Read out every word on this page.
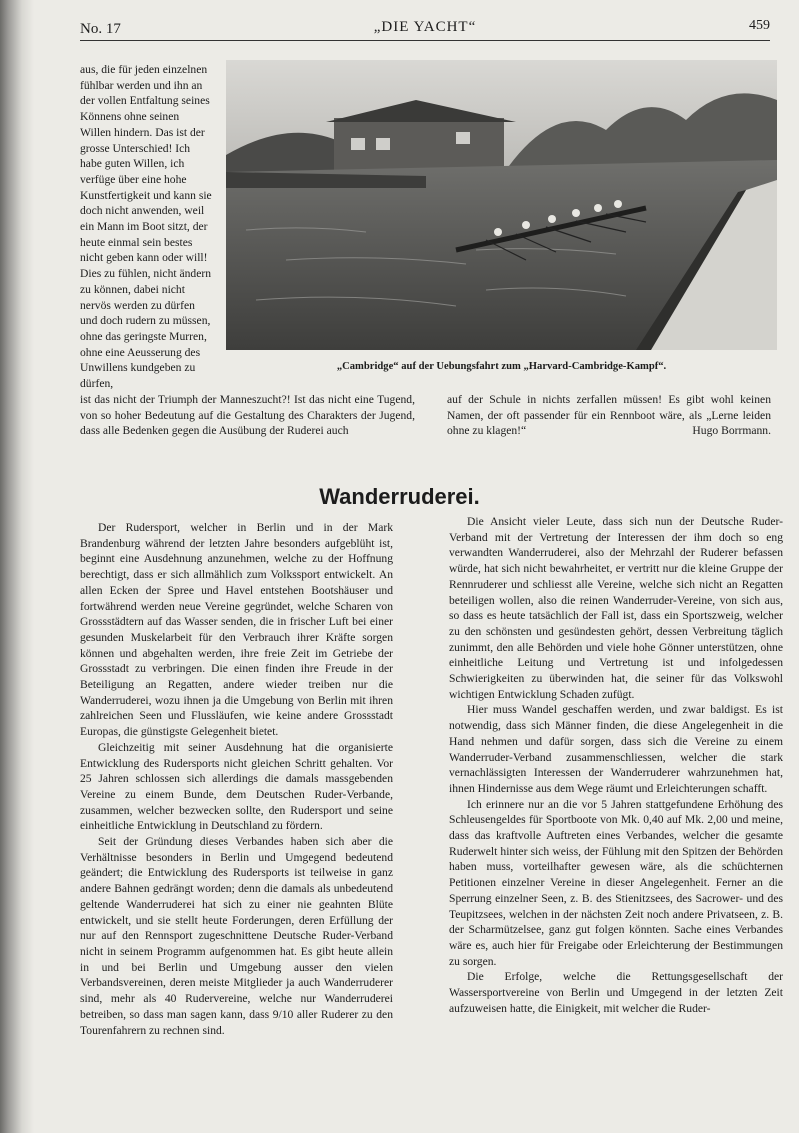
No. 17	„DIE YACHT“	459

aus, die für jeden einzelnen fühlbar werden und ihn an der vollen Entfaltung seines Könnens ohne seinen Willen hindern. Das ist der grosse Unterschied! Ich habe guten Willen, ich verfüge über eine hohe Kunstfertigkeit und kann sie doch nicht anwenden, weil ein Mann im Boot sitzt, der heute einmal sein bestes nicht geben kann oder will! Dies zu fühlen, nicht ändern zu können, dabei nicht nervös werden zu dürfen und doch rudern zu müssen, ohne das geringste Murren, ohne eine Aeusserung des Unwillens kundgeben zu dürfen,

„Cambridge“ auf der Uebungsfahrt zum „Harvard-Cambridge-Kampf“.

ist das nicht der Triumph der Manneszucht?! Ist das nicht eine Tugend, von so hoher Bedeutung auf die Gestaltung des Charakters der Jugend, dass alle Bedenken gegen die Ausübung der Ruderei auch

auf der Schule in nichts zerfallen müssen! Es gibt wohl keinen Namen, der oft passender für ein Rennboot wäre, als „Lerne leiden ohne zu klagen!“	Hugo Borrmann.

Wanderruderei.

Der Rudersport, welcher in Berlin und in der Mark Brandenburg während der letzten Jahre besonders aufgeblüht ist, beginnt eine Ausdehnung anzunehmen, welche zu der Hoffnung berechtigt, dass er sich allmählich zum Volkssport entwickelt. An allen Ecken der Spree und Havel entstehen Bootshäuser und fortwährend werden neue Vereine gegründet, welche Scharen von Grossstädtern auf das Wasser senden, die in frischer Luft bei einer gesunden Muskelarbeit für den Verbrauch ihrer Kräfte sorgen können und abgehalten werden, ihre freie Zeit im Getriebe der Grossstadt zu verbringen. Die einen finden ihre Freude in der Beteiligung an Regatten, andere wieder treiben nur die Wanderruderei, wozu ihnen ja die Umgebung von Berlin mit ihren zahlreichen Seen und Flussläufen, wie keine andere Grossstadt Europas, die günstigste Gelegenheit bietet.

Gleichzeitig mit seiner Ausdehnung hat die organisierte Entwicklung des Rudersports nicht gleichen Schritt gehalten. Vor 25 Jahren schlossen sich allerdings die damals massgebenden Vereine zu einem Bunde, dem Deutschen Ruder-Verbande, zusammen, welcher bezwecken sollte, den Rudersport und seine einheitliche Entwicklung in Deutschland zu fördern.

Seit der Gründung dieses Verbandes haben sich aber die Verhältnisse besonders in Berlin und Umgegend bedeutend geändert; die Entwicklung des Rudersports ist teilweise in ganz andere Bahnen gedrängt worden; denn die damals als unbedeutend geltende Wanderruderei hat sich zu einer nie geahnten Blüte entwickelt, und sie stellt heute Forderungen, deren Erfüllung der nur auf den Rennsport zugeschnittene Deutsche Ruder-Verband nicht in seinem Programm aufgenommen hat. Es gibt heute allein in und bei Berlin und Umgebung ausser den vielen Verbandsvereinen, deren meiste Mitglieder ja auch Wanderruderer sind, mehr als 40 Rudervereine, welche nur Wanderruderei betreiben, so dass man sagen kann, dass 9/10 aller Ruderer zu den Tourenfahrern zu rechnen sind.

Die Ansicht vieler Leute, dass sich nun der Deutsche Ruder-Verband mit der Vertretung der Interessen der ihm doch so eng verwandten Wanderruderei, also der Mehrzahl der Ruderer befassen würde, hat sich nicht bewahrheitet, er vertritt nur die kleine Gruppe der Rennruderer und schliesst alle Vereine, welche sich nicht an Regatten beteiligen wollen, also die reinen Wanderruder-Vereine, von sich aus, so dass es heute tatsächlich der Fall ist, dass ein Sportszweig, welcher zu den schönsten und gesündesten gehört, dessen Verbreitung täglich zunimmt, den alle Behörden und viele hohe Gönner unterstützen, ohne einheitliche Leitung und Vertretung ist und infolgedessen Schwierigkeiten zu überwinden hat, die seiner für das Volkswohl wichtigen Entwicklung Schaden zufügt.

Hier muss Wandel geschaffen werden, und zwar baldigst. Es ist notwendig, dass sich Männer finden, die diese Angelegenheit in die Hand nehmen und dafür sorgen, dass sich die Vereine zu einem Wanderruder-Verband zusammenschliessen, welcher die stark vernachlässigten Interessen der Wanderruderer wahrzunehmen hat, ihnen Hindernisse aus dem Wege räumt und Erleichterungen schafft.

Ich erinnere nur an die vor 5 Jahren stattgefundene Erhöhung des Schleusengeldes für Sportboote von Mk. 0,40 auf Mk. 2,00 und meine, dass das kraftvolle Auftreten eines Verbandes, welcher die gesamte Ruderwelt hinter sich weiss, der Fühlung mit den Spitzen der Behörden haben muss, vorteilhafter gewesen wäre, als die schüchternen Petitionen einzelner Vereine in dieser Angelegenheit. Ferner an die Sperrung einzelner Seen, z. B. des Stienitzsees, des Sacrower- und des Teupitzsees, welchen in der nächsten Zeit noch andere Privatseen, z. B. der Scharmützelsee, ganz gut folgen könnten. Sache eines Verbandes wäre es, auch hier für Freigabe oder Erleichterung der Bestimmungen zu sorgen.

Die Erfolge, welche die Rettungsgesellschaft der Wassersportvereine von Berlin und Umgegend in der letzten Zeit aufzuweisen hatte, die Einigkeit, mit welcher die Ruder-
